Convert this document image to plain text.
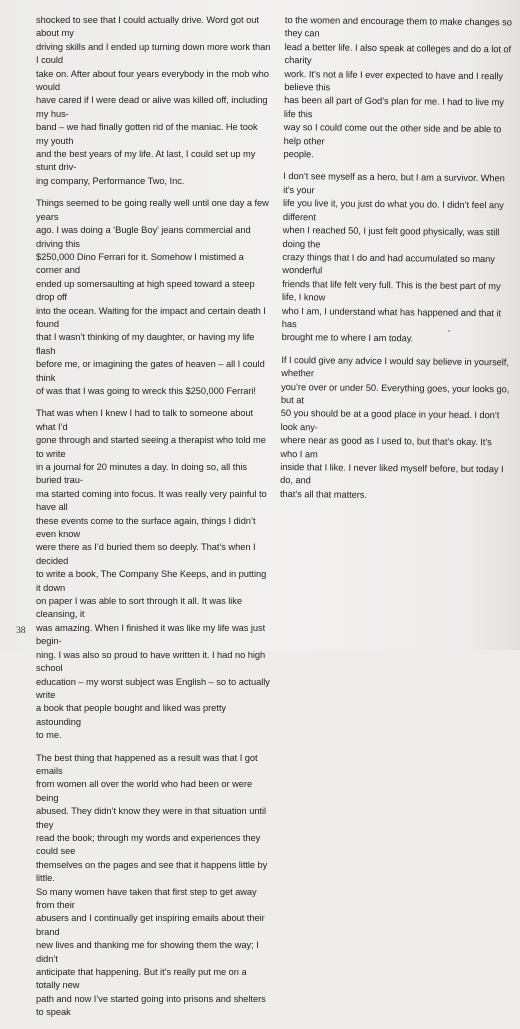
shocked to see that I could actually drive. Word got out about my
driving skills and I ended up turning down more work than I could
take on. After about four years everybody in the mob who would
have cared if I were dead or alive was killed off, including my hus-
band – we had finally gotten rid of the maniac. He took my youth
and the best years of my life. At last, I could set up my stunt driv-
ing company, Performance Two, Inc.

Things seemed to be going really well until one day a few years
ago. I was doing a ‘Bugle Boy’ jeans commercial and driving this
$250,000 Dino Ferrari for it. Somehow I mistimed a corner and
ended up somersaulting at high speed toward a steep drop off
into the ocean. Waiting for the impact and certain death I found
that I wasn’t thinking of my daughter, or having my life flash
before me, or imagining the gates of heaven – all I could think
of was that I was going to wreck this $250,000 Ferrari!

That was when I knew I had to talk to someone about what I’d
gone through and started seeing a therapist who told me to write
in a journal for 20 minutes a day. In doing so, all this buried trau-
ma started coming into focus. It was really very painful to have all
these events come to the surface again, things I didn’t even know
were there as I’d buried them so deeply. That’s when I decided
to write a book, The Company She Keeps, and in putting it down
on paper I was able to sort through it all. It was like cleansing, it
was amazing. When I finished it was like my life was just begin-
ning. I was also so proud to have written it. I had no high school
education – my worst subject was English – so to actually write
a book that people bought and liked was pretty astounding
to me.

The best thing that happened as a result was that I got emails
from women all over the world who had been or were being
abused. They didn’t know they were in that situation until they
read the book; through my words and experiences they could see
themselves on the pages and see that it happens little by little.
So many women have taken that first step to get away from their
abusers and I continually get inspiring emails about their brand
new lives and thanking me for showing them the way; I didn’t
anticipate that happening. But it’s really put me on a totally new
path and now I’ve started going into prisons and shelters to speak

to the women and encourage them to make changes so they can
lead a better life. I also speak at colleges and do a lot of charity
work. It’s not a life I ever expected to have and I really believe this
has been all part of God’s plan for me. I had to live my life this
way so I could come out the other side and be able to help other
people.

I don’t see myself as a hero, but I am a survivor. When it’s your
life you live it, you just do what you do. I didn’t feel any different
when I reached 50, I just felt good physically, was still doing the
crazy things that I do and had accumulated so many wonderful
friends that life felt very full. This is the best part of my life, I know
who I am, I understand what has happened and that it has
brought me to where I am today.

If I could give any advice I would say believe in yourself, whether
you’re over or under 50. Everything goes, your looks go, but at
50 you should be at a good place in your head. I don’t look any-
where near as good as I used to, but that’s okay. It’s who I am
inside that I like. I never liked myself before, but today I do, and
that’s all that matters.

38
